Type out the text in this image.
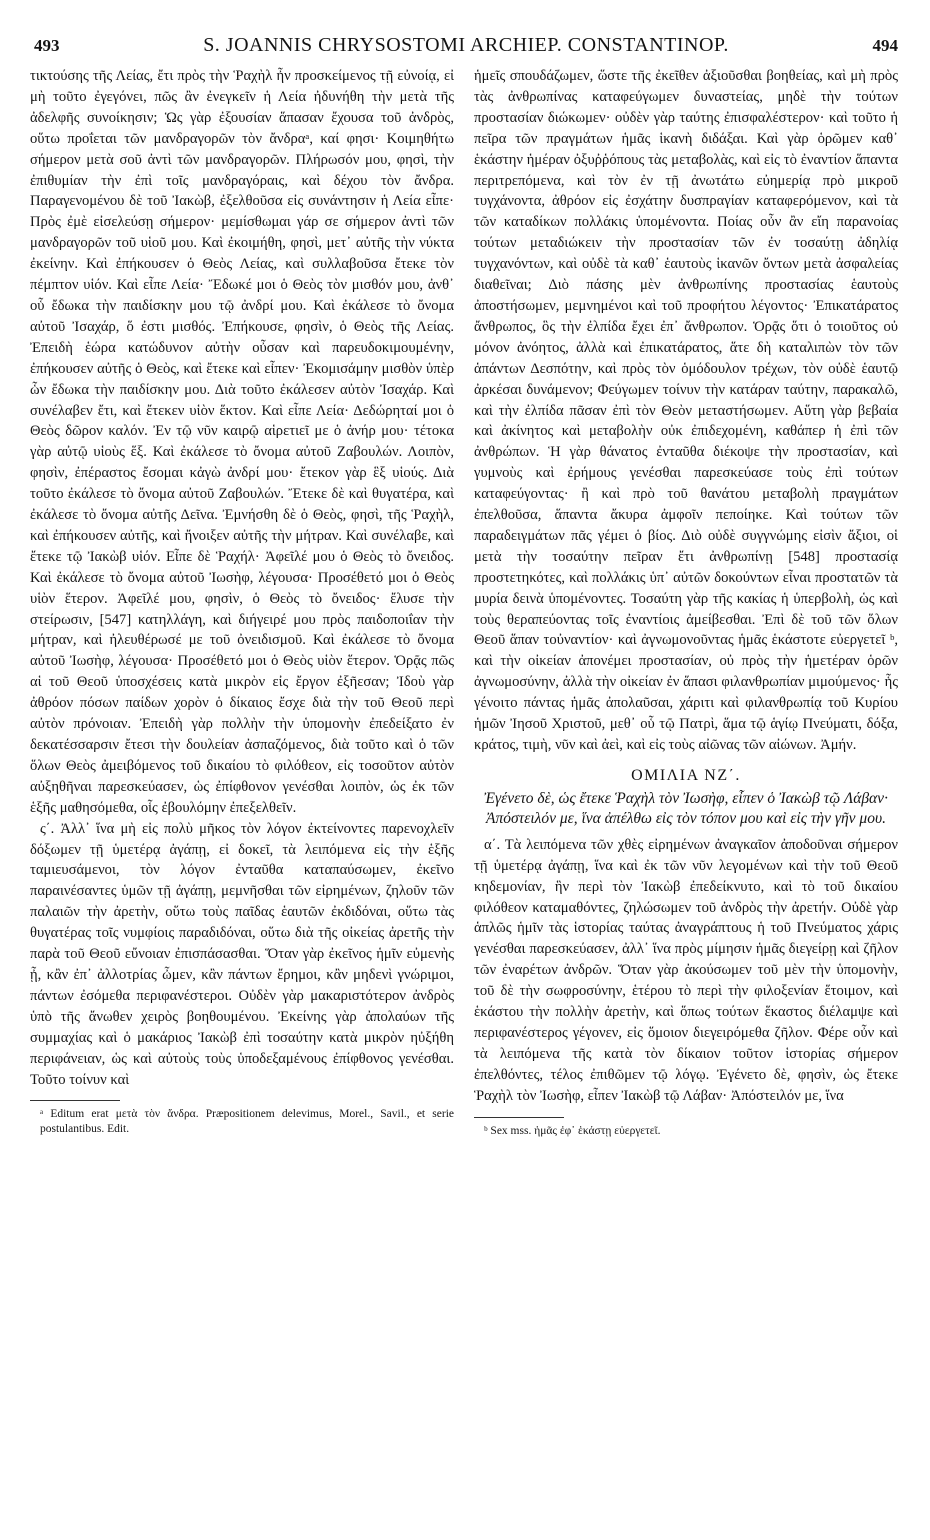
493	S. JOANNIS CHRYSOSTOMI ARCHIEP. CONSTANTINOP.	494

τικτούσης τῆς Λείας, ἔτι πρὸς τὴν Ῥαχὴλ ἦν προσκείμενος τῇ εὐνοίᾳ, εἰ μὴ τοῦτο ἐγεγόνει, πῶς ἂν ἐνεγκεῖν ἡ Λεία ἠδυνήθη τὴν μετὰ τῆς ἀδελφῆς συνοίκησιν; Ὡς γὰρ ἐξουσίαν ἅπασαν ἔχουσα τοῦ ἀνδρὸς, οὕτω προΐεται τῶν μανδραγορῶν τὸν ἄνδραᵃ, καί φησι· Κοιμηθήτω σήμερον μετὰ σοῦ ἀντὶ τῶν μανδραγορῶν. Πλήρωσόν μου, φησὶ, τὴν ἐπιθυμίαν τὴν ἐπὶ τοῖς μανδραγόραις, καὶ δέχου τὸν ἄνδρα. Παραγενομένου δὲ τοῦ Ἰακὼβ, ἐξελθοῦσα εἰς συνάντησιν ἡ Λεία εἶπε· Πρὸς ἐμὲ εἰσελεύσῃ σήμερον· μεμίσθωμαι γάρ σε σήμερον ἀντὶ τῶν μανδραγορῶν τοῦ υἱοῦ μου. Καὶ ἐκοιμήθη, φησὶ, μετ᾽ αὐτῆς τὴν νύκτα ἐκείνην. Καὶ ἐπήκουσεν ὁ Θεὸς Λείας, καὶ συλλαβοῦσα ἔτεκε τὸν πέμπτον υἱόν. Καὶ εἶπε Λεία· Ἔδωκέ μοι ὁ Θεὸς τὸν μισθόν μου, ἀνθ᾽ οὗ ἔδωκα τὴν παιδίσκην μου τῷ ἀνδρί μου. Καὶ ἐκάλεσε τὸ ὄνομα αὐτοῦ Ἰσαχάρ, ὅ ἐστι μισθός. Ἐπήκουσε, φησὶν, ὁ Θεὸς τῆς Λείας. Ἐπειδὴ ἑώρα κατώδυνον αὐτὴν οὖσαν καὶ παρευδοκιμουμένην, ἐπήκουσεν αὐτῆς ὁ Θεὸς, καὶ ἔτεκε καὶ εἶπεν· Ἐκομισάμην μισθὸν ὑπὲρ ὧν ἔδωκα τὴν παιδίσκην μου. Διὰ τοῦτο ἐκάλεσεν αὐτὸν Ἰσαχάρ. Καὶ συνέλαβεν ἔτι, καὶ ἔτεκεν υἱὸν ἕκτον. Καὶ εἶπε Λεία· Δεδώρηταί μοι ὁ Θεὸς δῶρον καλόν. Ἐν τῷ νῦν καιρῷ αἱρετιεῖ με ὁ ἀνήρ μου· τέτοκα γὰρ αὐτῷ υἱοὺς ἕξ. Καὶ ἐκάλεσε τὸ ὄνομα αὐτοῦ Ζαβουλών. Λοιπὸν, φησὶν, ἐπέραστος ἔσομαι κἀγὼ ἀνδρί μου· ἔτεκον γὰρ ἓξ υἱούς. Διὰ τοῦτο ἐκάλεσε τὸ ὄνομα αὐτοῦ Ζαβουλών. Ἔτεκε δὲ καὶ θυγατέρα, καὶ ἐκάλεσε τὸ ὄνομα αὐτῆς Δεῖνα. Ἐμνήσθη δὲ ὁ Θεὸς, φησὶ, τῆς Ῥαχὴλ, καὶ ἐπήκουσεν αὐτῆς, καὶ ἤνοιξεν αὐτῆς τὴν μήτραν. Καὶ συνέλαβε, καὶ ἔτεκε τῷ Ἰακὼβ υἱόν. Εἶπε δὲ Ῥαχήλ· Ἀφεῖλέ μου ὁ Θεὸς τὸ ὄνειδος. Καὶ ἐκάλεσε τὸ ὄνομα αὐτοῦ Ἰωσὴφ, λέγουσα· Προσέθετό μοι ὁ Θεὸς υἱὸν ἕτερον. Ἀφεῖλέ μου, φησὶν, ὁ Θεὸς τὸ ὄνειδος· ἔλυσε τὴν στείρωσιν, [547] κατηλλάγη, καὶ διήγειρέ μου πρὸς παιδοποιΐαν τὴν μήτραν, καὶ ἠλευθέρωσέ με τοῦ ὀνειδισμοῦ. Καὶ ἐκάλεσε τὸ ὄνομα αὐτοῦ Ἰωσὴφ, λέγουσα· Προσέθετό μοι ὁ Θεὸς υἱὸν ἕτερον. Ὁρᾷς πῶς αἱ τοῦ Θεοῦ ὑποσχέσεις κατὰ μικρὸν εἰς ἔργον ἐξῆεσαν; Ἰδοὺ γὰρ ἀθρόον πόσων παίδων χορὸν ὁ δίκαιος ἔσχε διὰ τὴν τοῦ Θεοῦ περὶ αὐτὸν πρόνοιαν. Ἐπειδὴ γὰρ πολλὴν τὴν ὑπομονὴν ἐπεδείξατο ἐν δεκατέσσαρσιν ἔτεσι τὴν δουλείαν ἀσπαζόμενος, διὰ τοῦτο καὶ ὁ τῶν ὅλων Θεὸς ἀμειβόμενος τοῦ δικαίου τὸ φιλόθεον, εἰς τοσοῦτον αὐτὸν αὐξηθῆναι παρεσκεύασεν, ὡς ἐπίφθονον γενέσθαι λοιπὸν, ὡς ἐκ τῶν ἑξῆς μαθησόμεθα, οἷς ἐβουλόμην ἐπεξελθεῖν.

ς΄. Ἀλλ᾽ ἵνα μὴ εἰς πολὺ μῆκος τὸν λόγον ἐκτείνοντες παρενοχλεῖν δόξωμεν τῇ ὑμετέρᾳ ἀγάπῃ, εἰ δοκεῖ, τὰ λειπόμενα εἰς τὴν ἑξῆς ταμιευσάμενοι, τὸν λόγον ἐνταῦθα καταπαύσωμεν, ἐκεῖνο παραινέσαντες ὑμῶν τῇ ἀγάπῃ, μεμνῆσθαι τῶν εἰρημένων, ζηλοῦν τῶν παλαιῶν τὴν ἀρετὴν, οὕτω τοὺς παῖδας ἑαυτῶν ἐκδιδόναι, οὕτω τὰς θυγατέρας τοῖς νυμφίοις παραδιδόναι, οὕτω διὰ τῆς οἰκείας ἀρετῆς τὴν παρὰ τοῦ Θεοῦ εὔνοιαν ἐπισπάσασθαι. Ὅταν γὰρ ἐκεῖνος ἡμῖν εὐμενὴς ᾖ, κἂν ἐπ᾽ ἀλλοτρίας ὦμεν, κἂν πάντων ἔρημοι, κἂν μηδενὶ γνώριμοι, πάντων ἐσόμεθα περιφανέστεροι. Οὐδὲν γὰρ μακαριστότερον ἀνδρὸς ὑπὸ τῆς ἄνωθεν χειρὸς βοηθουμένου. Ἐκείνης γὰρ ἀπολαύων τῆς συμμαχίας καὶ ὁ μακάριος Ἰακὼβ ἐπὶ τοσαύτην κατὰ μικρὸν ηὐξήθη περιφάνειαν, ὡς καὶ αὐτοὺς τοὺς ὑποδεξαμένους ἐπίφθονος γενέσθαι. Τοῦτο τοίνυν καὶ

ᵃ Editum erat μετὰ τὸν ἄνδρα. Præpositionem delevimus, Morel., Savil., et serie postulantibus. Edit.

ἡμεῖς σπουδάζωμεν, ὥστε τῆς ἐκεῖθεν ἀξιοῦσθαι βοηθείας, καὶ μὴ πρὸς τὰς ἀνθρωπίνας καταφεύγωμεν δυναστείας, μηδὲ τὴν τούτων προστασίαν διώκωμεν· οὐδὲν γὰρ ταύτης ἐπισφαλέστερον· καὶ τοῦτο ἡ πεῖρα τῶν πραγμάτων ἡμᾶς ἱκανὴ διδάξαι. Καὶ γὰρ ὁρῶμεν καθ᾽ ἑκάστην ἡμέραν ὀξυῤῥόπους τὰς μεταβολὰς, καὶ εἰς τὸ ἐναντίον ἅπαντα περιτρεπόμενα, καὶ τὸν ἐν τῇ ἀνωτάτω εὐημερίᾳ πρὸ μικροῦ τυγχάνοντα, ἀθρόον εἰς ἐσχάτην δυσπραγίαν καταφερόμενον, καὶ τὰ τῶν καταδίκων πολλάκις ὑπομένοντα. Ποίας οὖν ἂν εἴη παρανοίας τούτων μεταδιώκειν τὴν προστασίαν τῶν ἐν τοσαύτῃ ἀδηλίᾳ τυγχανόντων, καὶ οὐδὲ τὰ καθ᾽ ἑαυτοὺς ἱκανῶν ὄντων μετὰ ἀσφαλείας διαθεῖναι; Διὸ πάσης μὲν ἀνθρωπίνης προστασίας ἑαυτοὺς ἀποστήσωμεν, μεμνημένοι καὶ τοῦ προφήτου λέγοντος· Ἐπικατάρατος ἄνθρωπος, ὃς τὴν ἐλπίδα ἔχει ἐπ᾽ ἄνθρωπον. Ὁρᾷς ὅτι ὁ τοιοῦτος οὐ μόνον ἀνόητος, ἀλλὰ καὶ ἐπικατάρατος, ἅτε δὴ καταλιπὼν τὸν τῶν ἁπάντων Δεσπότην, καὶ πρὸς τὸν ὁμόδουλον τρέχων, τὸν οὐδὲ ἑαυτῷ ἀρκέσαι δυνάμενον; Φεύγωμεν τοίνυν τὴν κατάραν ταύτην, παρακαλῶ, καὶ τὴν ἐλπίδα πᾶσαν ἐπὶ τὸν Θεὸν μεταστήσωμεν. Αὕτη γὰρ βεβαία καὶ ἀκίνητος καὶ μεταβολὴν οὐκ ἐπιδεχομένη, καθάπερ ἡ ἐπὶ τῶν ἀνθρώπων. Ἡ γὰρ θάνατος ἐνταῦθα διέκοψε τὴν προστασίαν, καὶ γυμνοὺς καὶ ἐρήμους γενέσθαι παρεσκεύασε τοὺς ἐπὶ τούτων καταφεύγοντας· ἢ καὶ πρὸ τοῦ θανάτου μεταβολὴ πραγμάτων ἐπελθοῦσα, ἅπαντα ἄκυρα ἀμφοῖν πεποίηκε. Καὶ τούτων τῶν παραδειγμάτων πᾶς γέμει ὁ βίος. Διὸ οὐδὲ συγγνώμης εἰσὶν ἄξιοι, οἱ μετὰ τὴν τοσαύτην πεῖραν ἔτι ἀνθρωπίνῃ [548] προστασίᾳ προστετηκότες, καὶ πολλάκις ὑπ᾽ αὐτῶν δοκούντων εἶναι προστατῶν τὰ μυρία δεινὰ ὑπομένοντες. Τοσαύτη γὰρ τῆς κακίας ἡ ὑπερβολὴ, ὡς καὶ τοὺς θεραπεύοντας τοῖς ἐναντίοις ἀμείβεσθαι. Ἐπὶ δὲ τοῦ τῶν ὅλων Θεοῦ ἅπαν τοὐναντίον· καὶ ἀγνωμονοῦντας ἡμᾶς ἑκάστοτε εὐεργετεῖ ᵇ, καὶ τὴν οἰκείαν ἀπονέμει προστασίαν, οὐ πρὸς τὴν ἡμετέραν ὁρῶν ἀγνωμοσύνην, ἀλλὰ τὴν οἰκείαν ἐν ἅπασι φιλανθρωπίαν μιμούμενος· ἧς γένοιτο πάντας ἡμᾶς ἀπολαῦσαι, χάριτι καὶ φιλανθρωπίᾳ τοῦ Κυρίου ἡμῶν Ἰησοῦ Χριστοῦ, μεθ᾽ οὗ τῷ Πατρὶ, ἅμα τῷ ἁγίῳ Πνεύματι, δόξα, κράτος, τιμὴ, νῦν καὶ ἀεὶ, καὶ εἰς τοὺς αἰῶνας τῶν αἰώνων. Ἀμήν.

ΟΜΙΛΙΑ ΝΖ΄.
Ἐγένετο δὲ, ὡς ἔτεκε Ῥαχὴλ τὸν Ἰωσὴφ, εἶπεν ὁ Ἰακὼβ τῷ Λάβαν· Ἀπόστειλόν με, ἵνα ἀπέλθω εἰς τὸν τόπον μου καὶ εἰς τὴν γῆν μου.

α΄. Τὰ λειπόμενα τῶν χθὲς εἰρημένων ἀναγκαῖον ἀποδοῦναι σήμερον τῇ ὑμετέρᾳ ἀγάπῃ, ἵνα καὶ ἐκ τῶν νῦν λεγομένων καὶ τὴν τοῦ Θεοῦ κηδεμονίαν, ἣν περὶ τὸν Ἰακὼβ ἐπεδείκνυτο, καὶ τὸ τοῦ δικαίου φιλόθεον καταμαθόντες, ζηλώσωμεν τοῦ ἀνδρὸς τὴν ἀρετήν. Οὐδὲ γὰρ ἁπλῶς ἡμῖν τὰς ἱστορίας ταύτας ἀναγράπτους ἡ τοῦ Πνεύματος χάρις γενέσθαι παρεσκεύασεν, ἀλλ᾽ ἵνα πρὸς μίμησιν ἡμᾶς διεγείρῃ καὶ ζῆλον τῶν ἐναρέτων ἀνδρῶν. Ὅταν γὰρ ἀκούσωμεν τοῦ μὲν τὴν ὑπομονὴν, τοῦ δὲ τὴν σωφροσύνην, ἑτέρου τὸ περὶ τὴν φιλοξενίαν ἕτοιμον, καὶ ἑκάστου τὴν πολλὴν ἀρετὴν, καὶ ὅπως τούτων ἕκαστος διέλαμψε καὶ περιφανέστερος γέγονεν, εἰς ὅμοιον διεγειρόμεθα ζῆλον. Φέρε οὖν καὶ τὰ λειπόμενα τῆς κατὰ τὸν δίκαιον τοῦτον ἱστορίας σήμερον ἐπελθόντες, τέλος ἐπιθῶμεν τῷ λόγῳ. Ἐγένετο δὲ, φησὶν, ὡς ἔτεκε Ῥαχὴλ τὸν Ἰωσὴφ, εἶπεν Ἰακὼβ τῷ Λάβαν· Ἀπόστειλόν με, ἵνα

ᵇ Sex mss. ἡμᾶς ἐφ᾽ ἑκάστῃ εὐεργετεῖ.
